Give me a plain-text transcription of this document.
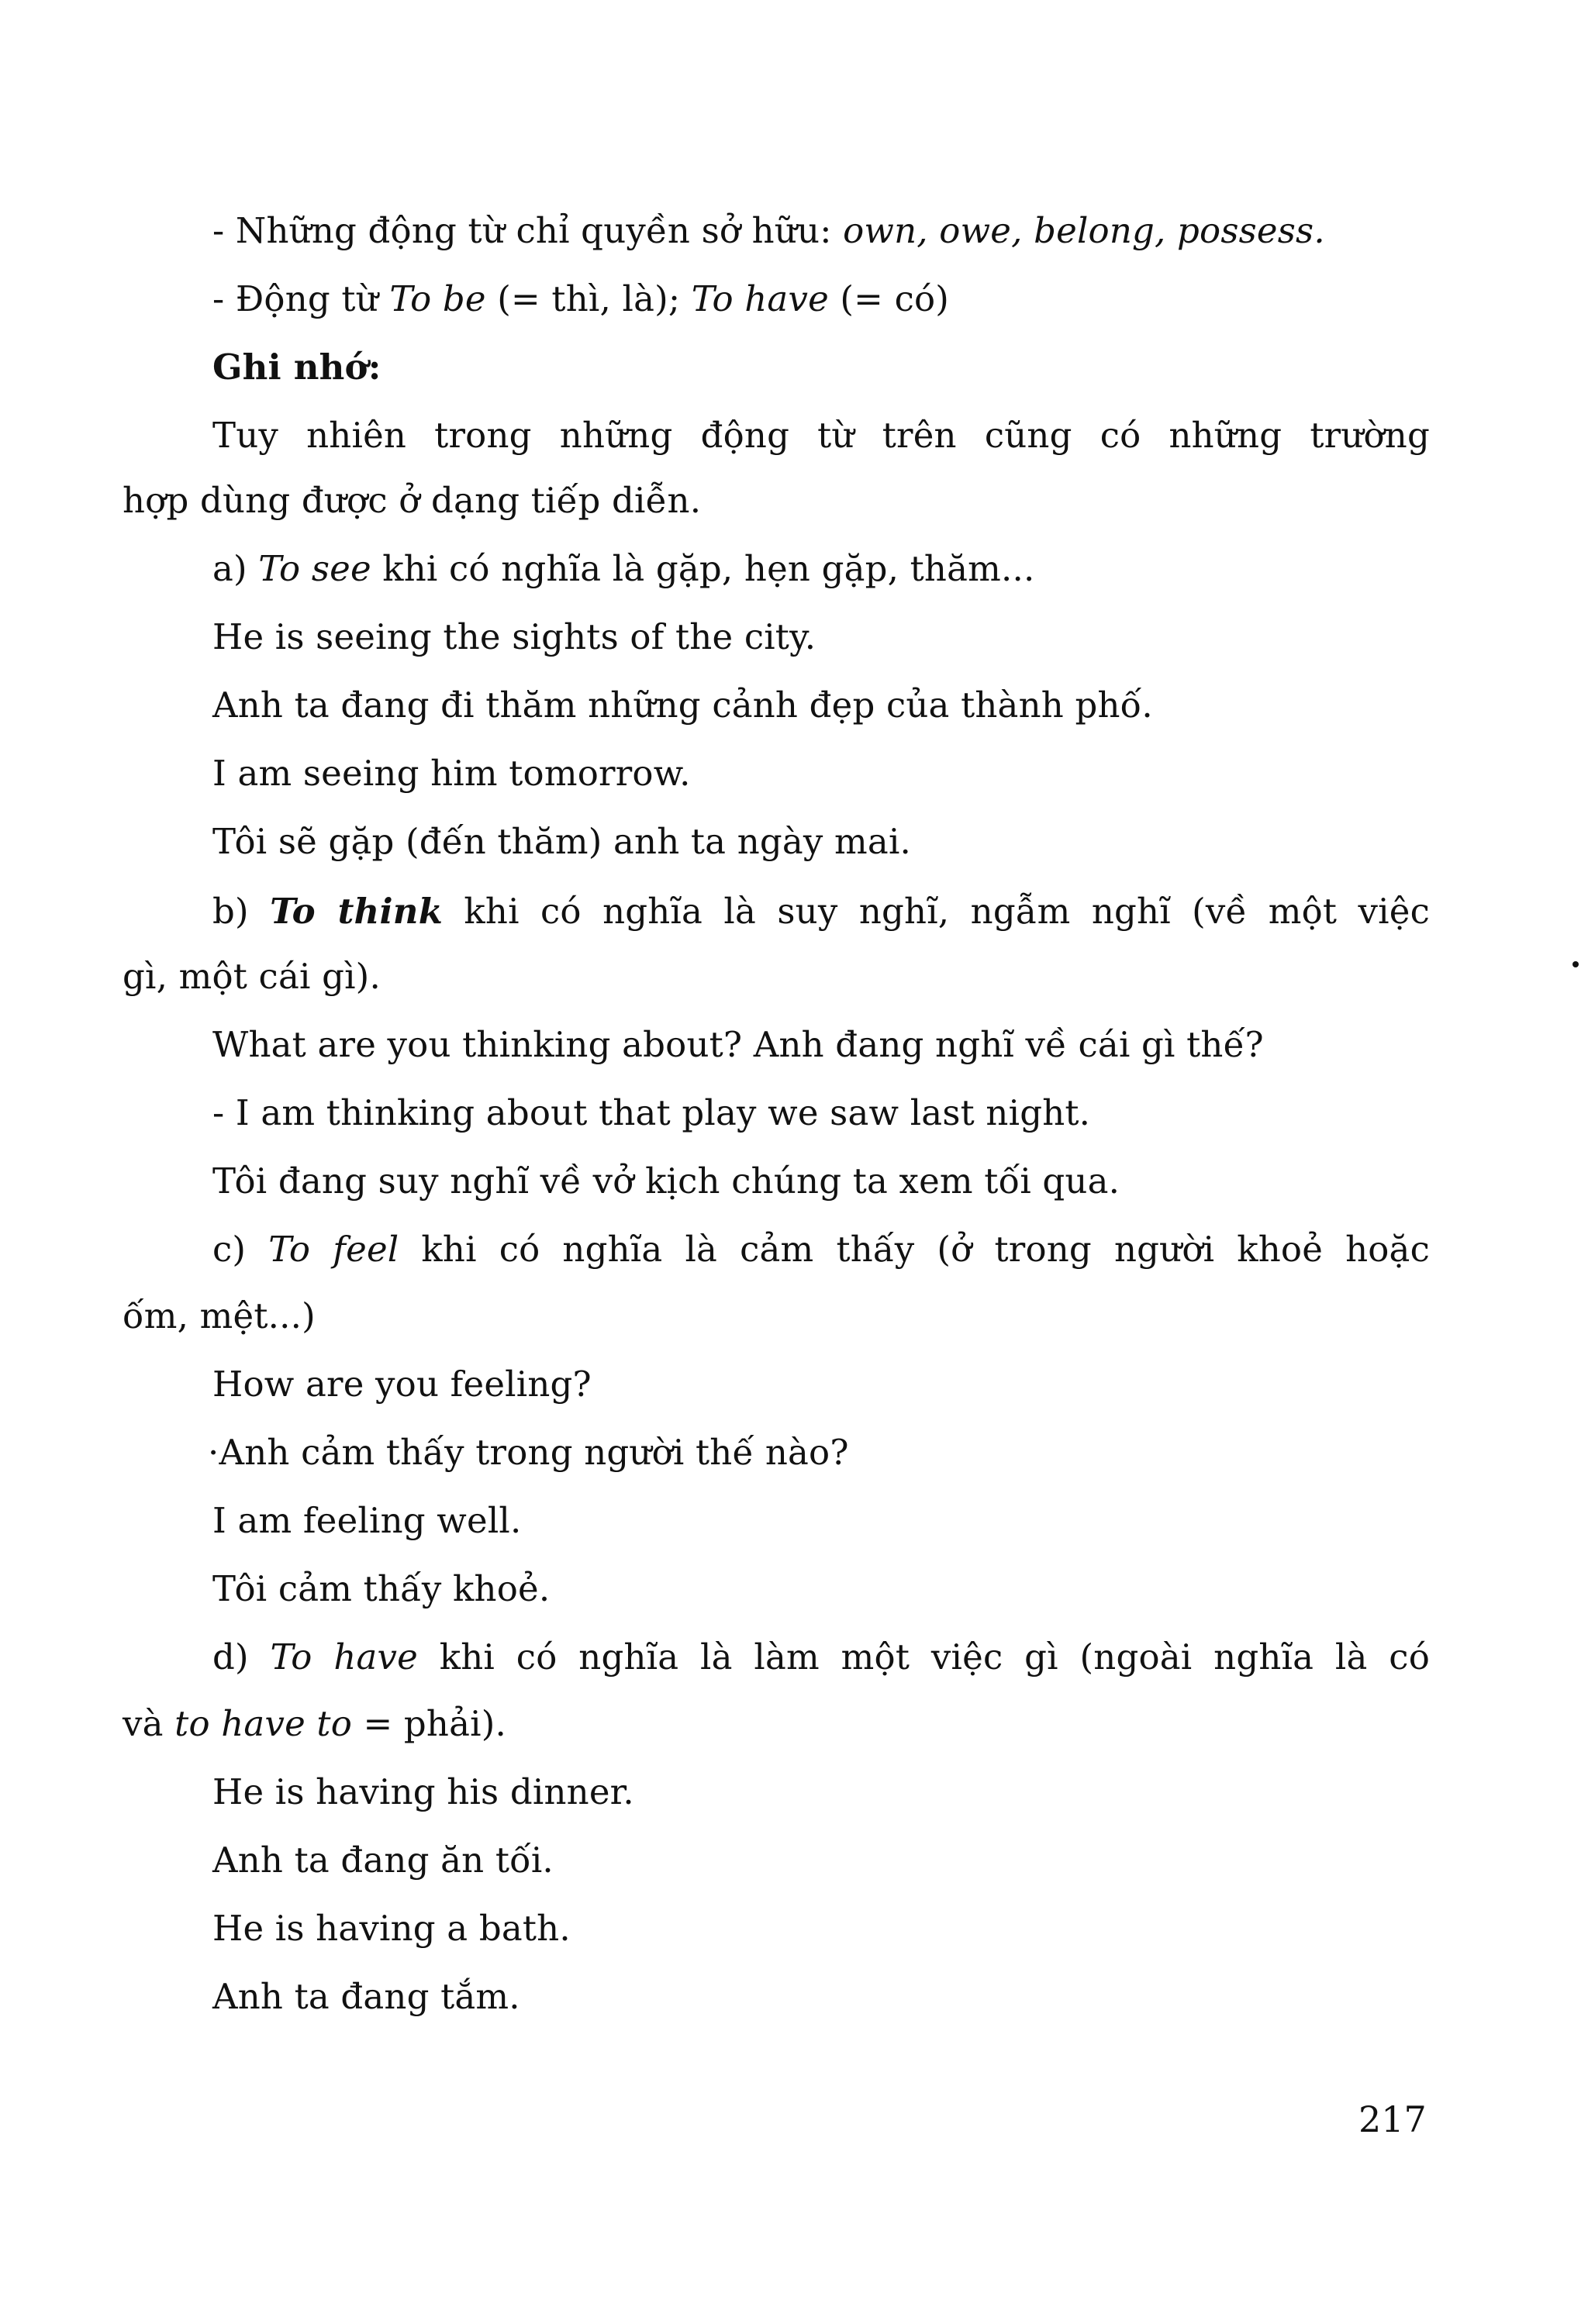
- Những động từ chỉ quyền sở hữu: own, owe, belong, possess.
- Động từ To be (= thì, là); To have (= có)
Ghi nhớ:
Tuy nhiên trong những động từ trên cũng có những trường
hợp dùng được ở dạng tiếp diễn.
a) To see khi có nghĩa là gặp, hẹn gặp, thăm...
He is seeing the sights of the city.
Anh ta đang đi thăm những cảnh đẹp của thành phố.
I am seeing him tomorrow.
Tôi sẽ gặp (đến thăm) anh ta ngày mai.
b) To think khi có nghĩa là suy nghĩ, ngẫm nghĩ (về một việc
gì, một cái gì).
What are you thinking about? Anh đang nghĩ về cái gì thế?
- I am thinking about that play we saw last night.
Tôi đang suy nghĩ về vở kịch chúng ta xem tối qua.
c) To feel khi có nghĩa là cảm thấy (ở trong người khoẻ hoặc
ốm, mệt...)
How are you feeling?
·Anh cảm thấy trong người thế nào?
I am feeling well.
Tôi cảm thấy khoẻ.
d) To have khi có nghĩa là làm một việc gì (ngoài nghĩa là có
và to have to = phải).
He is having his dinner.
Anh ta đang ăn tối.
He is having a bath.
Anh ta đang tắm.
217
